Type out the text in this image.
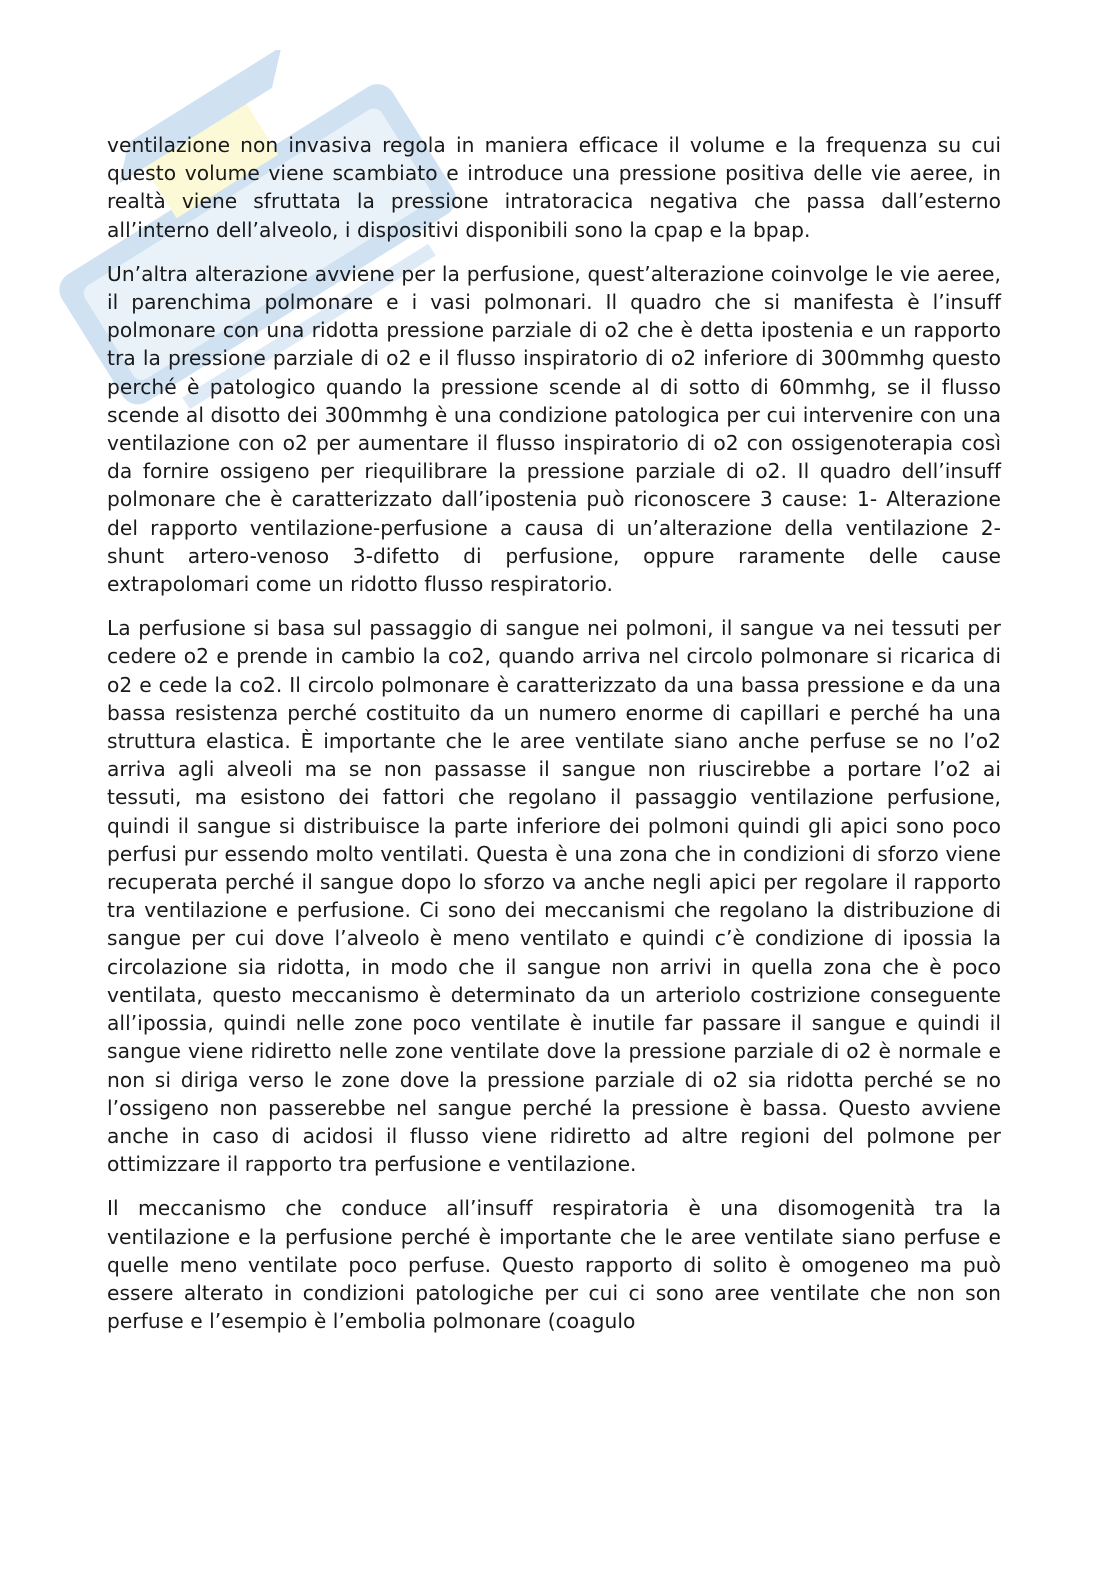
ventilazione non invasiva regola in maniera efficace il volume e la frequenza su cui questo volume viene scambiato e introduce una pressione positiva delle vie aeree, in realtà viene sfruttata la pressione intratoracica negativa che passa dall’esterno all’interno dell’alveolo, i dispositivi disponibili sono la cpap e la bpap.

Un’altra alterazione avviene per la perfusione, quest’alterazione coinvolge le vie aeree, il parenchima polmonare e i vasi polmonari. Il quadro che si manifesta è l’insuff polmonare con una ridotta pressione parziale di o2 che è detta ipostenia e un rapporto tra la pressione parziale di o2 e il flusso inspiratorio di o2 inferiore di 300mmhg questo perché è patologico quando la pressione scende al di sotto di 60mmhg, se il flusso scende al disotto dei 300mmhg è una condizione patologica per cui intervenire con una ventilazione con o2 per aumentare il flusso inspiratorio di o2 con ossigenoterapia così da fornire ossigeno per riequilibrare la pressione parziale di o2. Il quadro dell’insuff polmonare che è caratterizzato dall’ipostenia può riconoscere 3 cause: 1- Alterazione del rapporto ventilazione-perfusione a causa di un’alterazione della ventilazione 2- shunt artero-venoso 3-difetto di perfusione, oppure raramente delle cause extrapolomari come un ridotto flusso respiratorio.

La perfusione si basa sul passaggio di sangue nei polmoni, il sangue va nei tessuti per cedere o2 e prende in cambio la co2, quando arriva nel circolo polmonare si ricarica di o2 e cede la co2. Il circolo polmonare è caratterizzato da una bassa pressione e da una bassa resistenza perché costituito da un numero enorme di capillari e perché ha una struttura elastica. È importante che le aree ventilate siano anche perfuse se no l’o2 arriva agli alveoli ma se non passasse il sangue non riuscirebbe a portare l’o2 ai tessuti, ma esistono dei fattori che regolano il passaggio ventilazione perfusione, quindi il sangue si distribuisce la parte inferiore dei polmoni quindi gli apici sono poco perfusi pur essendo molto ventilati. Questa è una zona che in condizioni di sforzo viene recuperata perché il sangue dopo lo sforzo va anche negli apici per regolare il rapporto tra ventilazione e perfusione. Ci sono dei meccanismi che regolano la distribuzione di sangue per cui dove l’alveolo è meno ventilato e quindi c’è condizione di ipossia la circolazione sia ridotta, in modo che il sangue non arrivi in quella zona che è poco ventilata, questo meccanismo è determinato da un arteriolo costrizione conseguente all’ipossia, quindi nelle zone poco ventilate è inutile far passare il sangue e quindi il sangue viene ridiretto nelle zone ventilate dove la pressione parziale di o2 è normale e non si diriga verso le zone dove la pressione parziale di o2 sia ridotta perché se no l’ossigeno non passerebbe nel sangue perché la pressione è bassa. Questo avviene anche in caso di acidosi il flusso viene ridiretto ad altre regioni del polmone per ottimizzare il rapporto tra perfusione e ventilazione.

Il meccanismo che conduce all’insuff respiratoria è una disomogenità tra la ventilazione e la perfusione perché è importante che le aree ventilate siano perfuse e quelle meno ventilate poco perfuse. Questo rapporto di solito è omogeneo ma può essere alterato in condizioni patologiche per cui ci sono aree ventilate che non son perfuse e l’esempio è l’embolia polmonare (coagulo
